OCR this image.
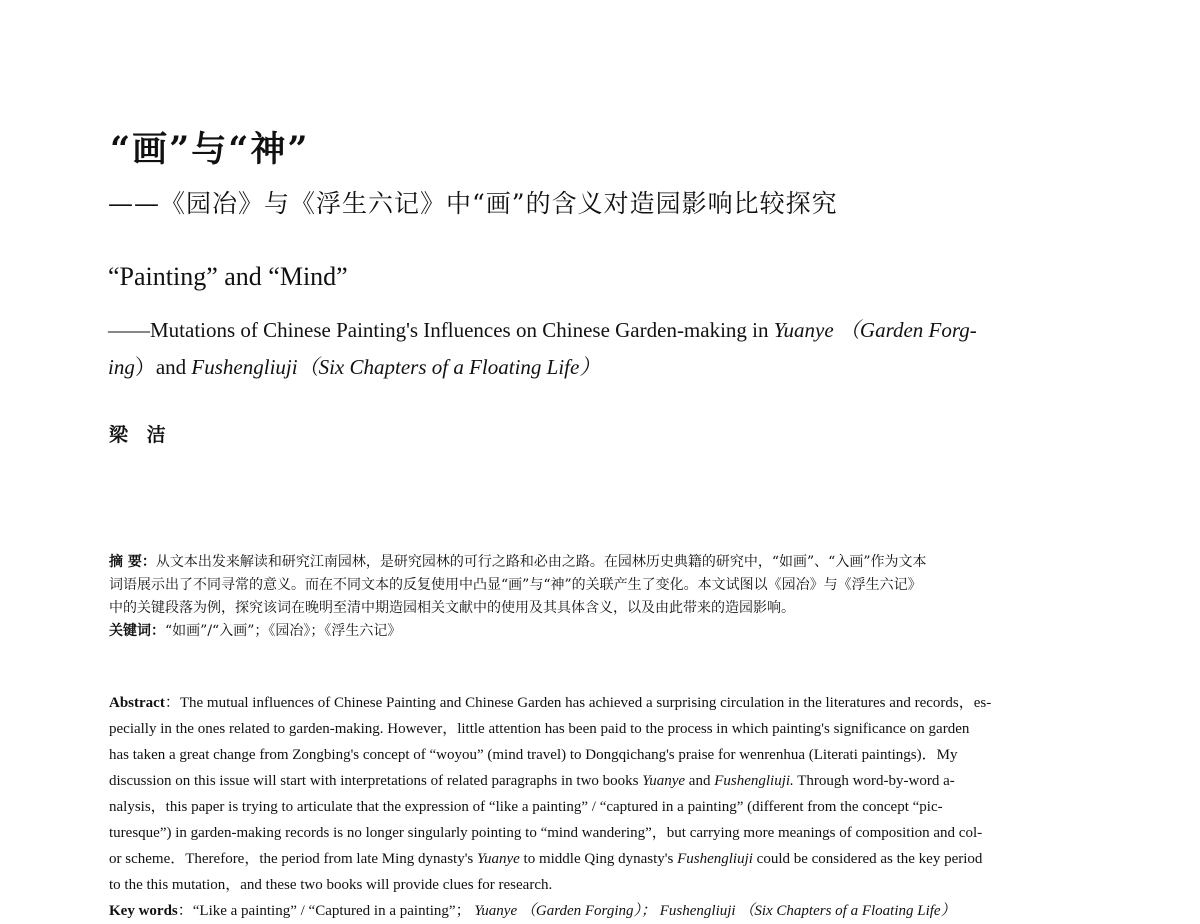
“画”与“神”
——《园冶》与《浮生六记》中“画”的含义对造园影响比较探究
“Painting” and “Mind”
——Mutations of Chinese Painting's Influences on Chinese Garden-making in Yuanye （Garden Forg-
ing）and Fushengliuji（Six Chapters of a Floating Life）
梁 洁
摘 要：从文本出发来解读和研究江南园林，是研究园林的可行之路和必由之路。在园林历史典籍的研究中，“如画”、“入画”作为文本
词语展示出了不同寻常的意义。而在不同文本的反复使用中凸显“画”与“神”的关联产生了变化。本文试图以《园冶》与《浮生六记》
中的关键段落为例，探究该词在晚明至清中期造园相关文献中的使用及其具体含义，以及由此带来的造园影响。
关键词：“如画”/“入画”；《园冶》；《浮生六记》
Abstract：The mutual influences of Chinese Painting and Chinese Garden has achieved a surprising circulation in the literatures and records，es-
pecially in the ones related to garden-making. However，little attention has been paid to the process in which painting's significance on garden
has taken a great change from Zongbing's concept of “woyou” (mind travel) to Dongqichang's praise for wenrenhua (Literati paintings)．My
discussion on this issue will start with interpretations of related paragraphs in two books Yuanye and Fushengliuji. Through word-by-word a-
nalysis，this paper is trying to articulate that the expression of “like a painting” / “captured in a painting” (different from the concept “pic-
turesque”) in garden-making records is no longer singularly pointing to “mind wandering”，but carrying more meanings of composition and col-
or scheme．Therefore，the period from late Ming dynasty's Yuanye to middle Qing dynasty's Fushengliuji could be considered as the key period
to the this mutation，and these two books will provide clues for research.
Key words：“Like a painting” / “Captured in a painting”； Yuanye （Garden Forging）； Fushengliuji （Six Chapters of a Floating Life）
